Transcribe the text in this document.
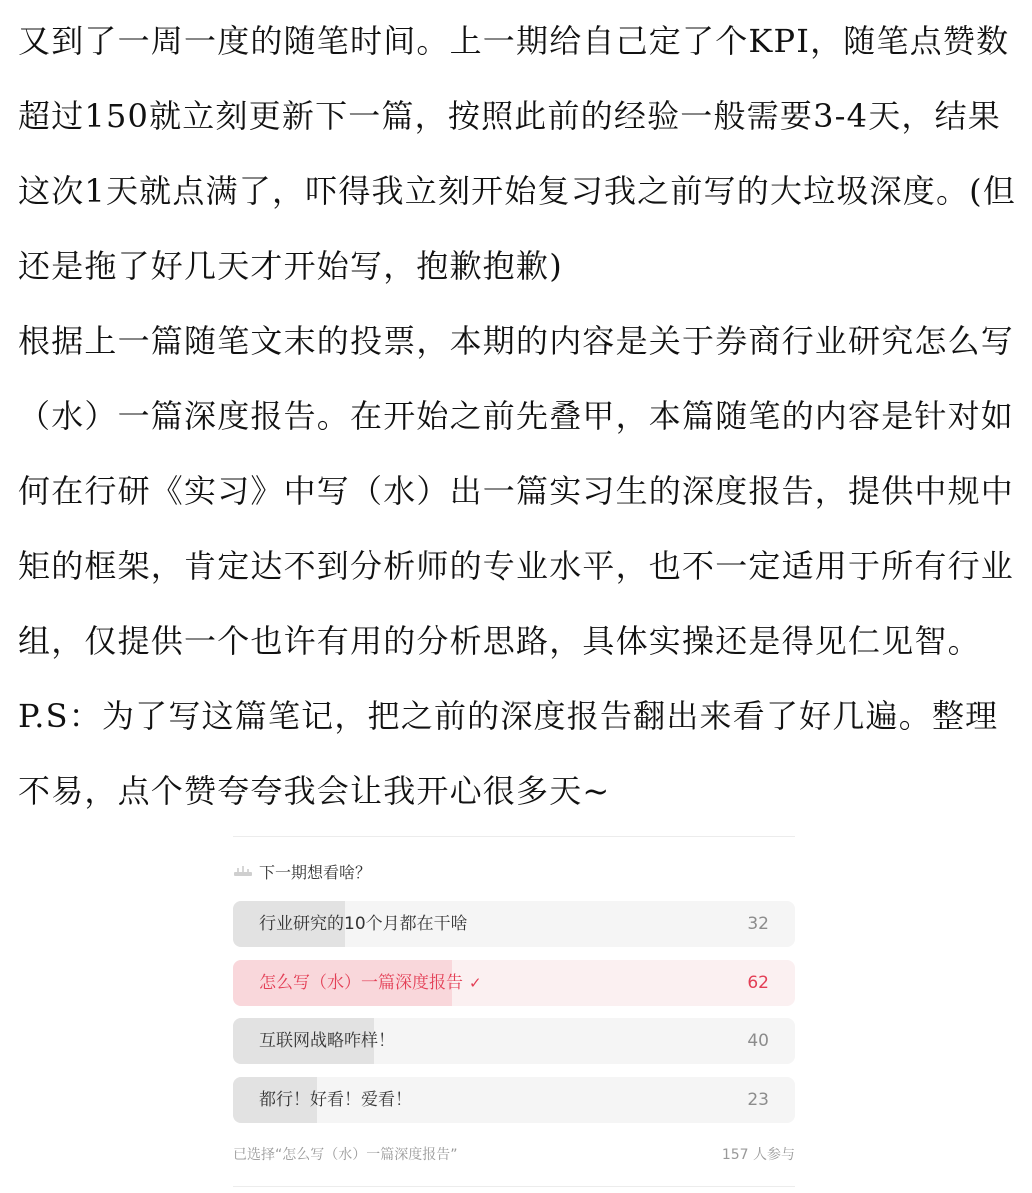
又到了一周一度的随笔时间。上一期给自己定了个KPI，随笔点赞数超过150就立刻更新下一篇，按照此前的经验一般需要3-4天，结果这次1天就点满了，吓得我立刻开始复习我之前写的大垃圾深度。(但还是拖了好几天才开始写，抱歉抱歉)

根据上一篇随笔文末的投票，本期的内容是关于券商行业研究怎么写（水）一篇深度报告。在开始之前先叠甲，本篇随笔的内容是针对如何在行研《实习》中写（水）出一篇实习生的深度报告，提供中规中矩的框架，肯定达不到分析师的专业水平，也不一定适用于所有行业组，仅提供一个也许有用的分析思路，具体实操还是得见仁见智。

P.S：为了写这篇笔记，把之前的深度报告翻出来看了好几遍。整理不易，点个赞夸夸我会让我开心很多天~

下一期想看啥？
行业研究的10个月都在干啥	32
怎么写（水）一篇深度报告 ✓	62
互联网战略咋样！	40
都行！好看！爱看！	23
已选择“怎么写（水）一篇深度报告”	157 人参与
